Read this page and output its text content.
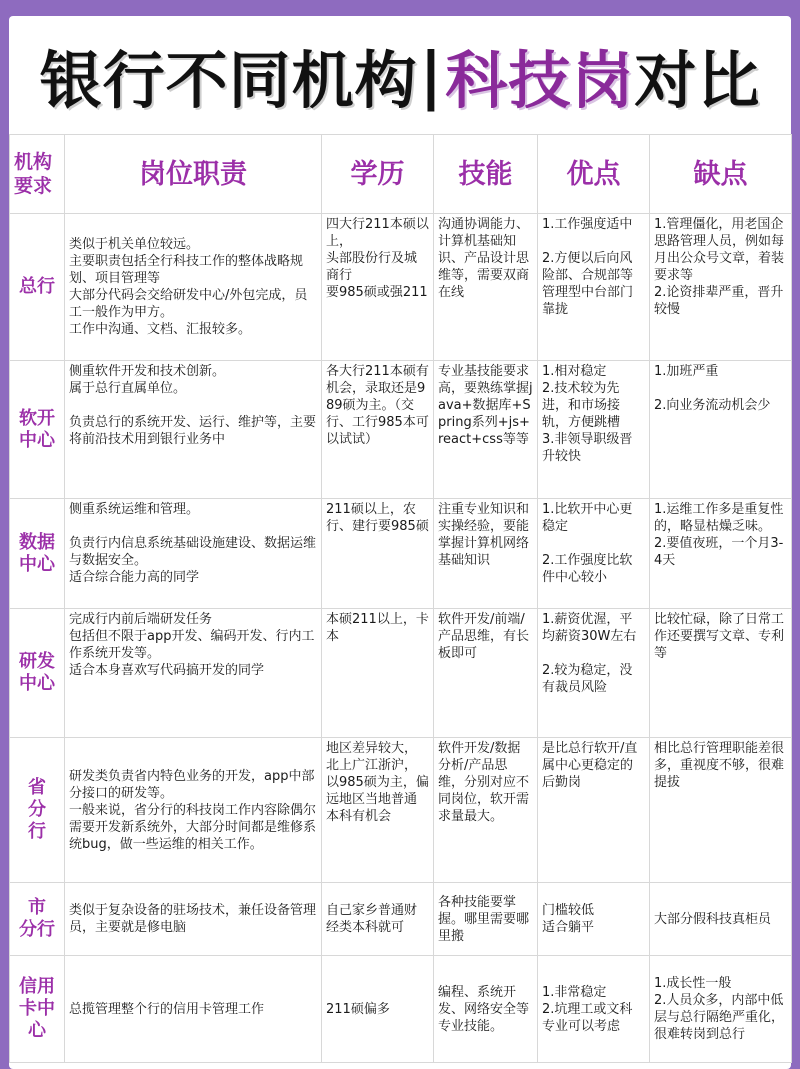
银行不同机构 | 科技岗 对比
机构
要求	岗位职责	学历	技能	优点	缺点

总行	类似于机关单位较远。
主要职责包括全行科技工作的整体战略规划、项目管理等
大部分代码会交给研发中心/外包完成，员工一般作为甲方。
工作中沟通、文档、汇报较多。	四大行211本硕以上，
头部股份行及城商行
要985硕或强211	沟通协调能力、计算机基础知识、产品设计思维等，需要双商在线	1.工作强度适中

2.方便以后向风险部、合规部等管理型中台部门靠拢	1.管理僵化，用老国企思路管理人员，例如每月出公众号文章，着装要求等
2.论资排辈严重，晋升较慢

软开
中心	侧重软件开发和技术创新。
属于总行直属单位。

负责总行的系统开发、运行、维护等，主要将前沿技术用到银行业务中	各大行211本硕有机会，录取还是989硕为主。（交行、工行985本可以试试）	专业基技能要求高，要熟练掌握java+数据库+Spring系列+js+react+css等等	1.相对稳定
2.技术较为先进，和市场接轨，方便跳槽
3.非领导职级晋升较快	1.加班严重

2.向业务流动机会少

数据
中心	侧重系统运维和管理。

负责行内信息系统基础设施建设、数据运维与数据安全。
适合综合能力高的同学	211硕以上，农行、建行要985硕	注重专业知识和实操经验，要能掌握计算机网络基础知识	1.比软开中心更稳定

2.工作强度比软件中心较小	1.运维工作多是重复性的，略显枯燥乏味。
2.要值夜班，一个月3-4天

研发
中心	完成行内前后端研发任务
包括但不限于app开发、编码开发、行内工作系统开发等。
适合本身喜欢写代码搞开发的同学	本硕211以上，卡本	软件开发/前端/产品思维，有长板即可	1.薪资优渥，平均薪资30W左右

2.较为稳定，没有裁员风险	比较忙碌，除了日常工作还要撰写文章、专利等

省
分
行	研发类负责省内特色业务的开发，app中部分接口的研发等。
一般来说，省分行的科技岗工作内容除偶尔需要开发新系统外，大部分时间都是维修系统bug，做一些运维的相关工作。	地区差异较大，北上广江浙沪，以985硕为主，偏远地区当地普通本科有机会	软件开发/数据分析/产品思维，分别对应不同岗位，软开需求量最大。	是比总行软开/直属中心更稳定的后勤岗	相比总行管理职能差很多，重视度不够，很难提拔

市
分行	类似于复杂设备的驻场技术，兼任设备管理员，主要就是修电脑	自己家乡普通财经类本科就可	各种技能要掌握。哪里需要哪里搬	门槛较低
适合躺平	大部分假科技真柜员

信用
卡中
心	总揽管理整个行的信用卡管理工作	211硕偏多	编程、系统开发、网络安全等专业技能。	1.非常稳定
2.坑理工或文科专业可以考虑	1.成长性一般
2.人员众多，内部中低层与总行隔绝严重化，很难转岗到总行
